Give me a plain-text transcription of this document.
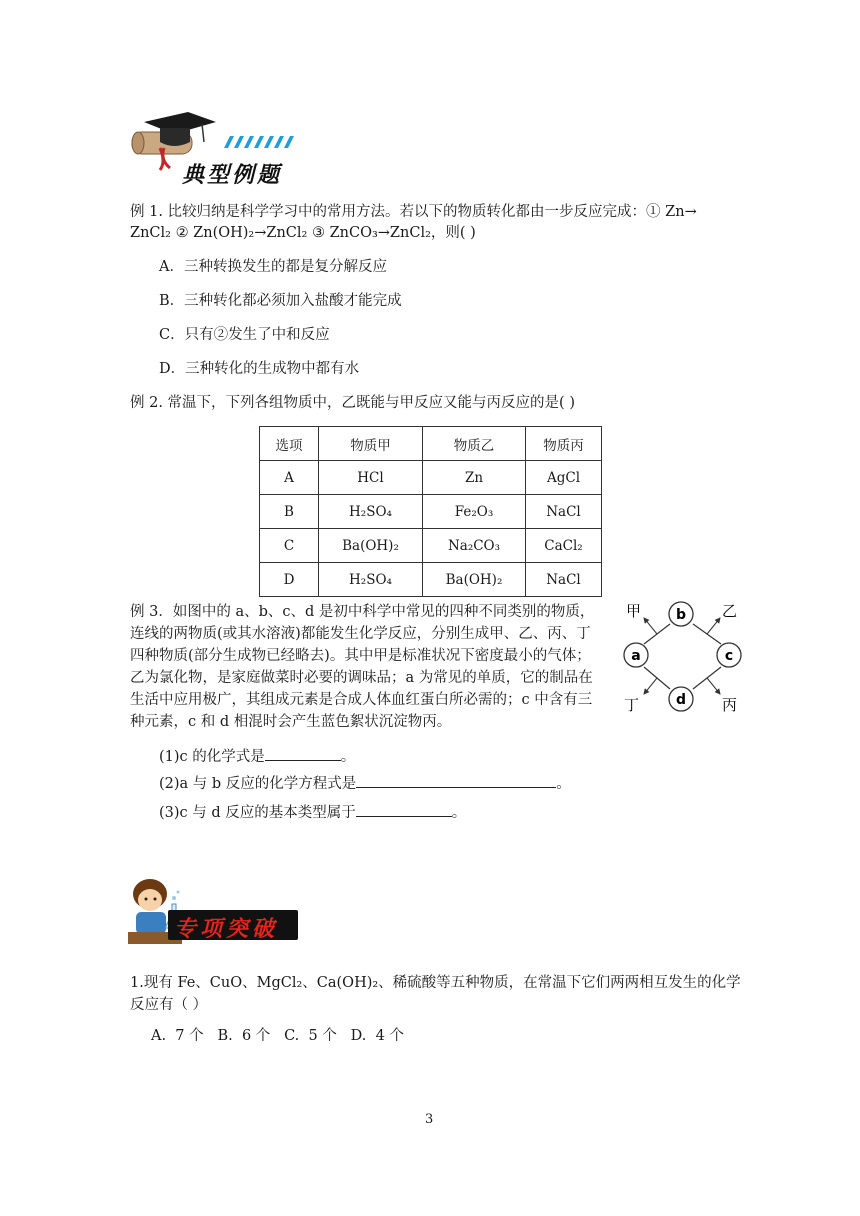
典型例题
例 1. 比较归纳是科学学习中的常用方法。若以下的物质转化都由一步反应完成：① Zn→
ZnCl₂ ② Zn(OH)₂→ZnCl₂ ③ ZnCO₃→ZnCl₂，则( )
A．三种转换发生的都是复分解反应
B．三种转化都必须加入盐酸才能完成
C．只有②发生了中和反应
D．三种转化的生成物中都有水
例 2. 常温下，下列各组物质中，乙既能与甲反应又能与丙反应的是( )
选项	物质甲	物质乙	物质丙
A	HCl	Zn	AgCl
B	H₂SO₄	Fe₂O₃	NaCl
C	Ba(OH)₂	Na₂CO₃	CaCl₂
D	H₂SO₄	Ba(OH)₂	NaCl
例 3．如图中的 a、b、c、d 是初中科学中常见的四种不同类别的物质，
连线的两物质(或其水溶液)都能发生化学反应，分别生成甲、乙、丙、丁
四种物质(部分生成物已经略去)。其中甲是标准状况下密度最小的气体；
乙为氯化物，是家庭做菜时必要的调味品；a 为常见的单质，它的制品在
生活中应用极广，其组成元素是合成人体血红蛋白所必需的；c 中含有三
种元素，c 和 d 相混时会产生蓝色絮状沉淀物丙。
b
a	c
d
甲	乙
丙
丁
(1)c 的化学式是	。
(2)a 与 b 反应的化学方程式是	。
(3)c 与 d 反应的基本类型属于	。
专项突破
1.现有 Fe、CuO、MgCl₂、Ca(OH)₂、稀硫酸等五种物质，在常温下它们两两相互发生的化学
反应有（ ）
A.  7 个   B.  6 个   C.  5 个   D.  4 个
3
